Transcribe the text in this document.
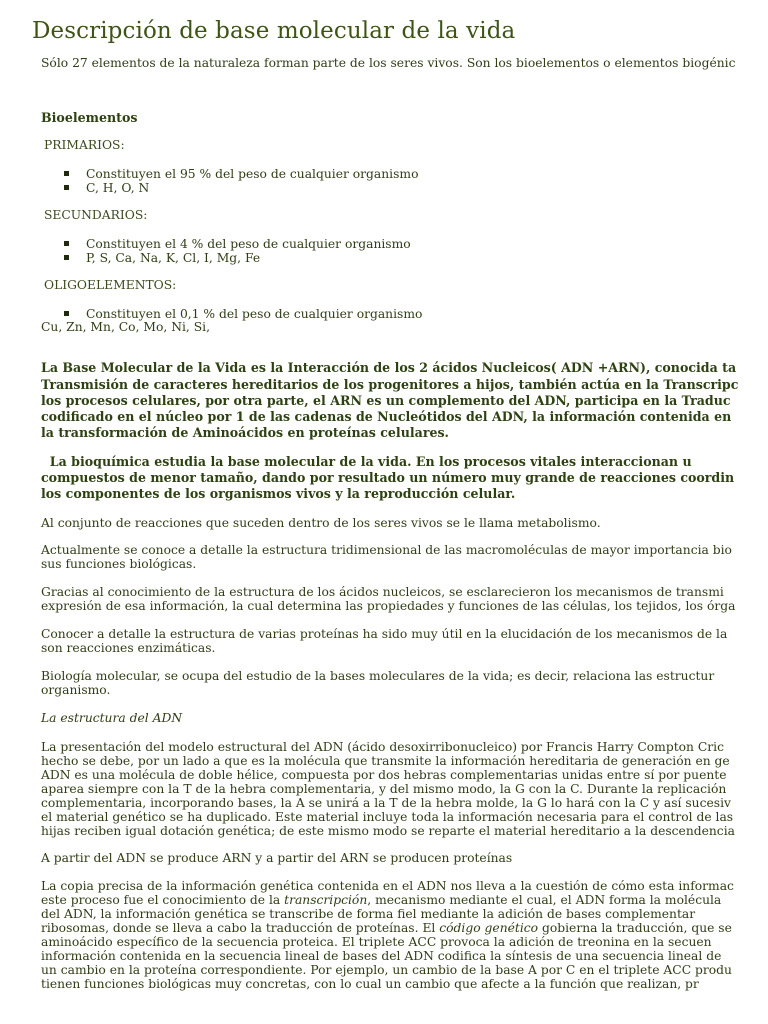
Descripción de base molecular de la vida
Sólo 27 elementos de la naturaleza forman parte de los seres vivos. Son los bioelementos o elementos biogénic
Bioelementos
PRIMARIOS:
Constituyen el 95 % del peso de cualquier organismo
C, H, O, N
SECUNDARIOS:
Constituyen el 4 % del peso de cualquier organismo
P, S, Ca, Na, K, Cl, I, Mg, Fe
OLIGOELEMENTOS:
Constituyen el 0,1 % del peso de cualquier organismo
Cu, Zn, Mn, Co, Mo, Ni, Si,
La Base Molecular de la Vida es la Interacción de los 2 ácidos Nucleicos( ADN +ARN), conocida ta
Transmisión de caracteres hereditarios de los progenitores a hijos, también actúa en la Transcripc
los procesos celulares, por otra parte, el ARN es un complemento del ADN, participa en la Traduc
codificado en el núcleo por 1 de las cadenas de Nucleótidos del ADN, la información contenida en
la transformación de Aminoácidos en proteínas celulares.
La bioquímica estudia la base molecular de la vida. En los procesos vitales interaccionan u
compuestos de menor tamaño, dando por resultado un número muy grande de reacciones coordin
los componentes de los organismos vivos y la reproducción celular.
Al conjunto de reacciones que suceden dentro de los seres vivos se le llama metabolismo.
Actualmente se conoce a detalle la estructura tridimensional de las macromoléculas de mayor importancia bio
sus funciones biológicas.
Gracias al conocimiento de la estructura de los ácidos nucleicos, se esclarecieron los mecanismos de transmi
expresión de esa información, la cual determina las propiedades y funciones de las células, los tejidos, los órga
Conocer a detalle la estructura de varias proteínas ha sido muy útil en la elucidación de los mecanismos de la
son reacciones enzimáticas.
Biología molecular, se ocupa del estudio de la bases moleculares de la vida; es decir, relaciona las estructur
organismo.
La estructura del ADN
La presentación del modelo estructural del ADN (ácido desoxirribonucleico) por Francis Harry Compton Cric
hecho se debe, por un lado a que es la molécula que transmite la información hereditaria de generación en ge
ADN es una molécula de doble hélice, compuesta por dos hebras complementarias unidas entre sí por puente
aparea siempre con la T de la hebra complementaria, y del mismo modo, la G con la C. Durante la replicación
complementaria, incorporando bases, la A se unirá a la T de la hebra molde, la G lo hará con la C y así sucesiv
el material genético se ha duplicado. Este material incluye toda la información necesaria para el control de las
hijas reciben igual dotación genética; de este mismo modo se reparte el material hereditario a la descendencia
A partir del ADN se produce ARN y a partir del ARN se producen proteínas
La copia precisa de la información genética contenida en el ADN nos lleva a la cuestión de cómo esta informac
este proceso fue el conocimiento de la transcripción, mecanismo mediante el cual, el ADN forma la molécula
del ADN, la información genética se transcribe de forma fiel mediante la adición de bases complementar
ribosomas, donde se lleva a cabo la traducción de proteínas. El código genético gobierna la traducción, que se
aminoácido específico de la secuencia proteica. El triplete ACC provoca la adición de treonina en la secuen
información contenida en la secuencia lineal de bases del ADN codifica la síntesis de una secuencia lineal de
un cambio en la proteína correspondiente. Por ejemplo, un cambio de la base A por C en el triplete ACC produ
tienen funciones biológicas muy concretas, con lo cual un cambio que afecte a la función que realizan, pr
